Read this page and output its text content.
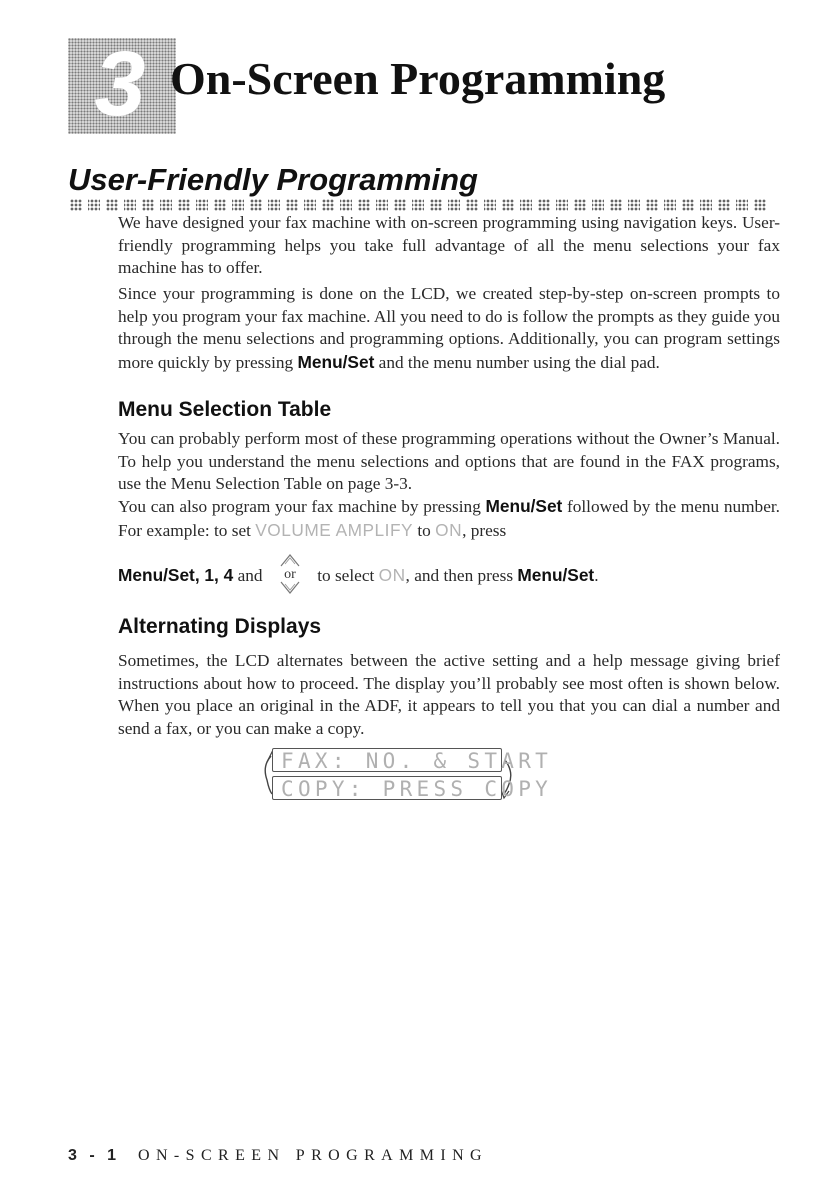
3 On-Screen Programming
User-Friendly Programming

We have designed your fax machine with on-screen programming using navigation keys. User-friendly programming helps you take full advantage of all the menu selections your fax machine has to offer.

Since your programming is done on the LCD, we created step-by-step on-screen prompts to help you program your fax machine. All you need to do is follow the prompts as they guide you through the menu selections and programming options. Additionally, you can program settings more quickly by pressing Menu/Set and the menu number using the dial pad.

Menu Selection Table

You can probably perform most of these programming operations without the Owner’s Manual. To help you understand the menu selections and options that are found in the FAX programs, use the Menu Selection Table on page 3-3.

You can also program your fax machine by pressing Menu/Set followed by the menu number. For example: to set VOLUME AMPLIFY to ON, press

Menu/Set, 1, 4 and or to select ON, and then press Menu/Set.

Alternating Displays

Sometimes, the LCD alternates between the active setting and a help message giving brief instructions about how to proceed. The display you’ll probably see most often is shown below. When you place an original in the ADF, it appears to tell you that you can dial a number and send a fax, or you can make a copy.

FAX: NO. & START
COPY: PRESS COPY
3 - 1 ON-SCREEN PROGRAMMING
